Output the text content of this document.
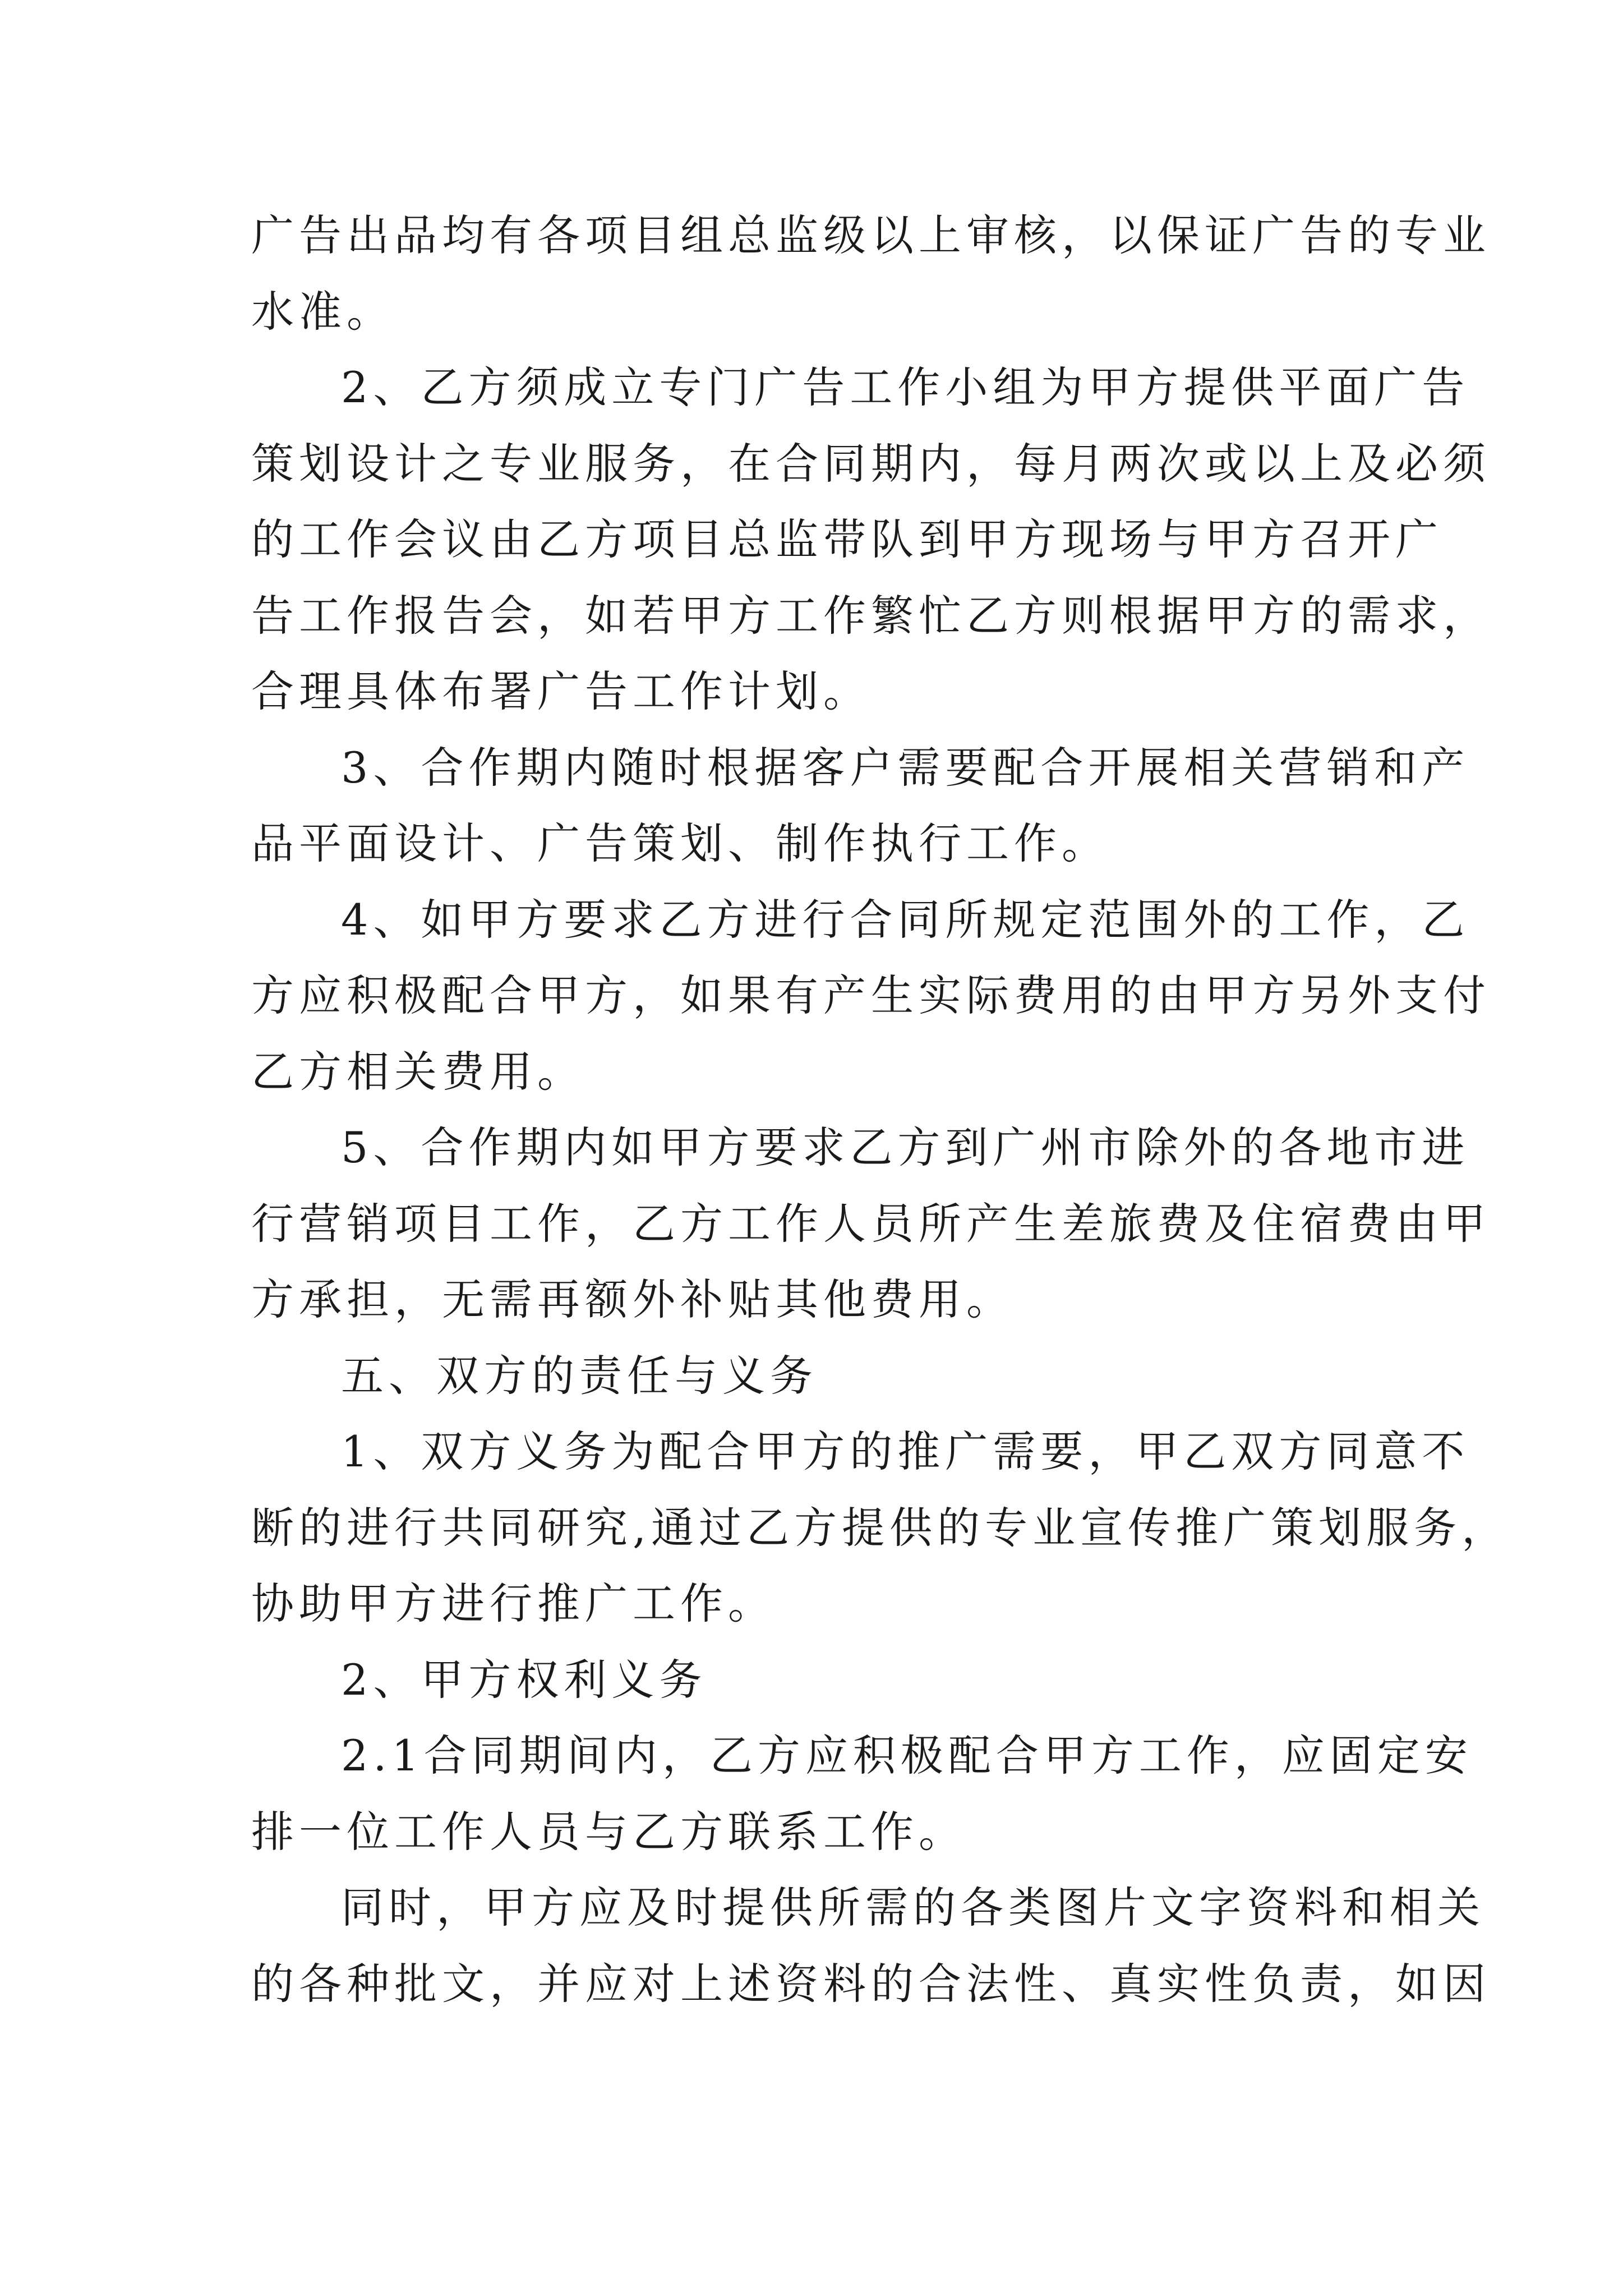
广告出品均有各项目组总监级以上审核，以保证广告的专业
水准。
2、乙方须成立专门广告工作小组为甲方提供平面广告
策划设计之专业服务，在合同期内，每月两次或以上及必须
的工作会议由乙方项目总监带队到甲方现场与甲方召开广
告工作报告会，如若甲方工作繁忙乙方则根据甲方的需求，
合理具体布署广告工作计划。
3、合作期内随时根据客户需要配合开展相关营销和产
品平面设计、广告策划、制作执行工作。
4、如甲方要求乙方进行合同所规定范围外的工作，乙
方应积极配合甲方，如果有产生实际费用的由甲方另外支付
乙方相关费用。
5、合作期内如甲方要求乙方到广州市除外的各地市进
行营销项目工作，乙方工作人员所产生差旅费及住宿费由甲
方承担，无需再额外补贴其他费用。
五、双方的责任与义务
1、双方义务为配合甲方的推广需要，甲乙双方同意不
断的进行共同研究,通过乙方提供的专业宣传推广策划服务，
协助甲方进行推广工作。
2、甲方权利义务
2.1合同期间内，乙方应积极配合甲方工作，应固定安
排一位工作人员与乙方联系工作。
同时，甲方应及时提供所需的各类图片文字资料和相关
的各种批文，并应对上述资料的合法性、真实性负责，如因
